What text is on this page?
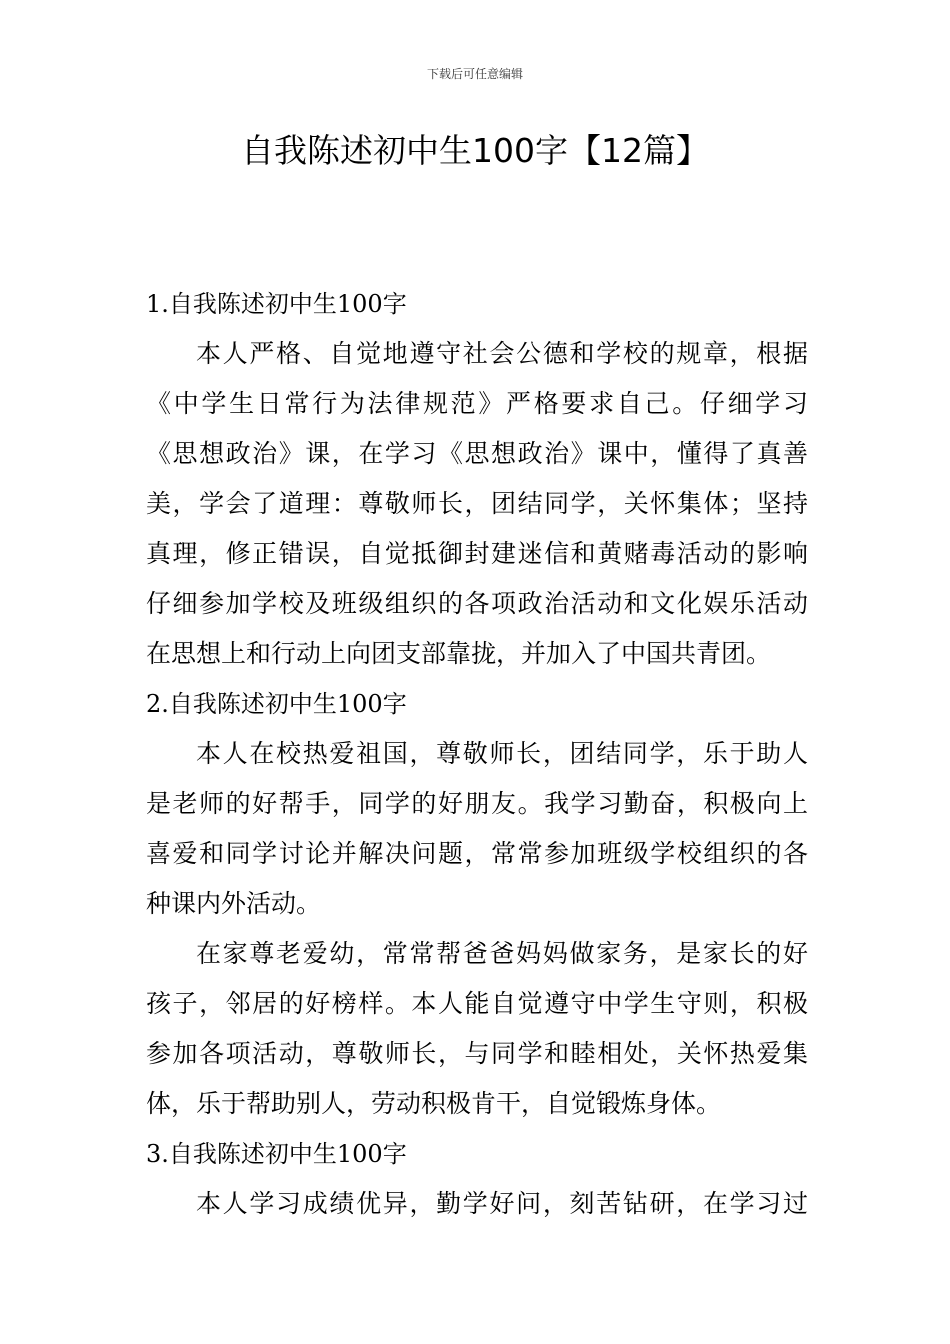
下载后可任意编辑
自我陈述初中生100字【12篇】
1.自我陈述初中生100字
本人严格、自觉地遵守社会公德和学校的规章，根据
《中学生日常行为法律规范》严格要求自己。仔细学习
《思想政治》课，在学习《思想政治》课中，懂得了真善
美，学会了道理：尊敬师长，团结同学，关怀集体；坚持
真理，修正错误，自觉抵御封建迷信和黄赌毒活动的影响
仔细参加学校及班级组织的各项政治活动和文化娱乐活动
在思想上和行动上向团支部靠拢，并加入了中国共青团。
2.自我陈述初中生100字
本人在校热爱祖国，尊敬师长，团结同学，乐于助人
是老师的好帮手，同学的好朋友。我学习勤奋，积极向上
喜爱和同学讨论并解决问题，常常参加班级学校组织的各
种课内外活动。
在家尊老爱幼，常常帮爸爸妈妈做家务，是家长的好
孩子，邻居的好榜样。本人能自觉遵守中学生守则，积极
参加各项活动，尊敬师长，与同学和睦相处，关怀热爱集
体，乐于帮助别人，劳动积极肯干，自觉锻炼身体。
3.自我陈述初中生100字
本人学习成绩优异，勤学好问，刻苦钻研，在学习过
